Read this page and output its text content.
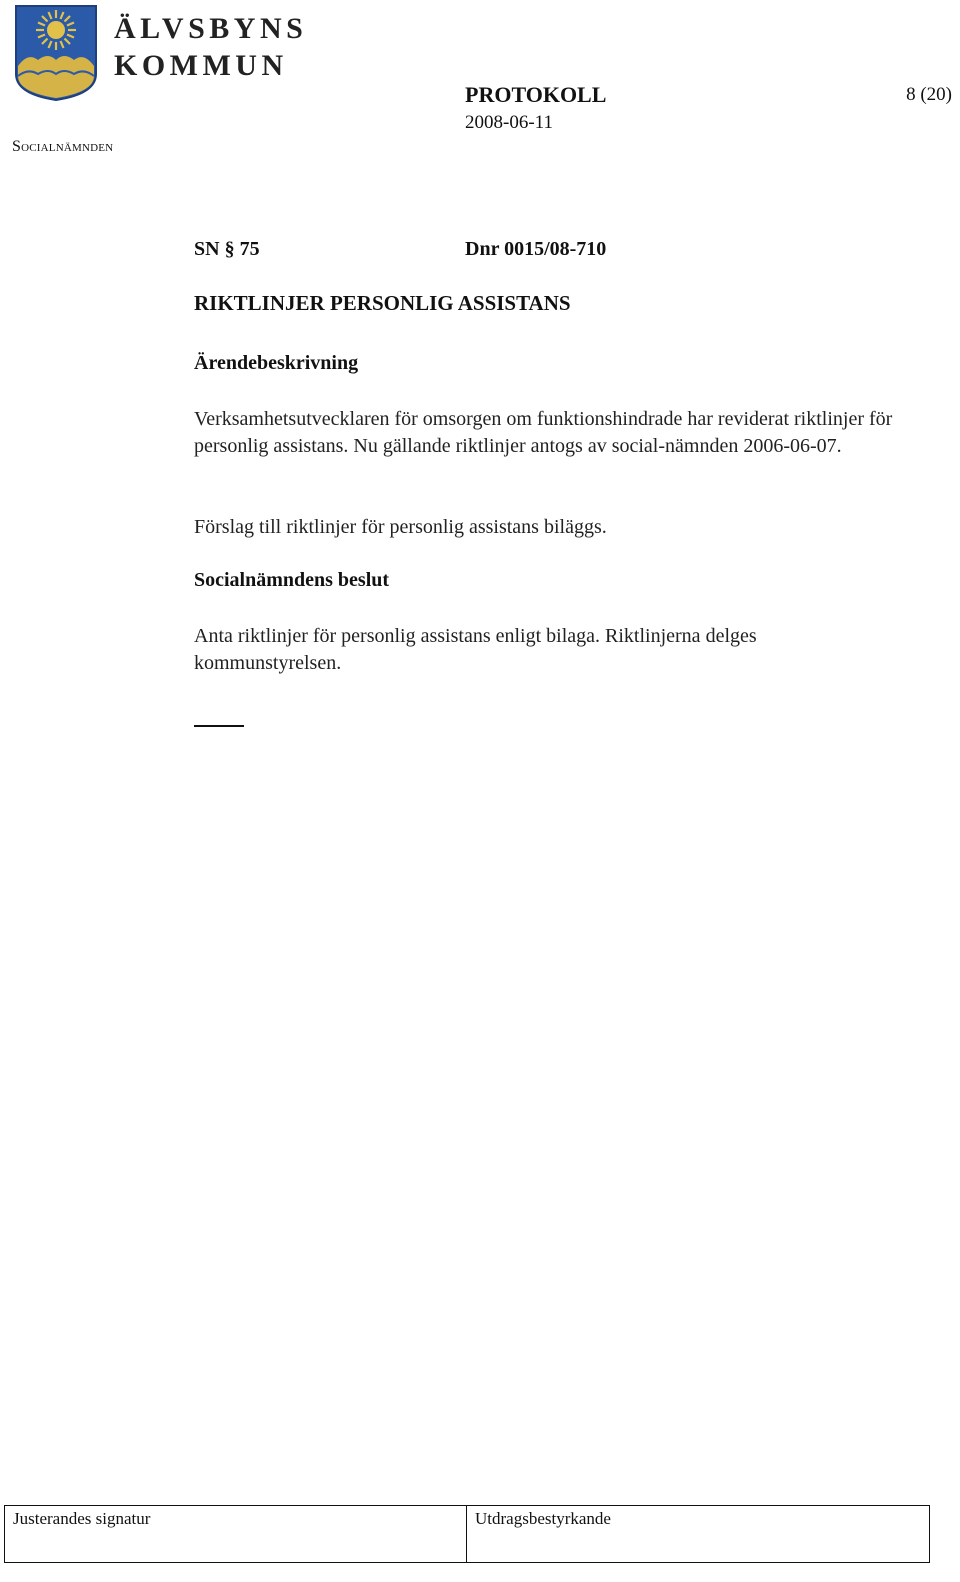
ÄLVSBYNS
KOMMUN
Socialnämnden
PROTOKOLL
2008-06-11
8 (20)
SN § 75	Dnr 0015/08-710
RIKTLINJER PERSONLIG ASSISTANS
Ärendebeskrivning
Verksamhetsutvecklaren för omsorgen om funktionshindrade har reviderat riktlinjer för personlig assistans. Nu gällande riktlinjer antogs av social-nämnden 2006-06-07.
Förslag till riktlinjer för personlig assistans biläggs.
Socialnämndens beslut
Anta riktlinjer för personlig assistans enligt bilaga. Riktlinjerna delges kommunstyrelsen.
Justerandes signatur	Utdragsbestyrkande
